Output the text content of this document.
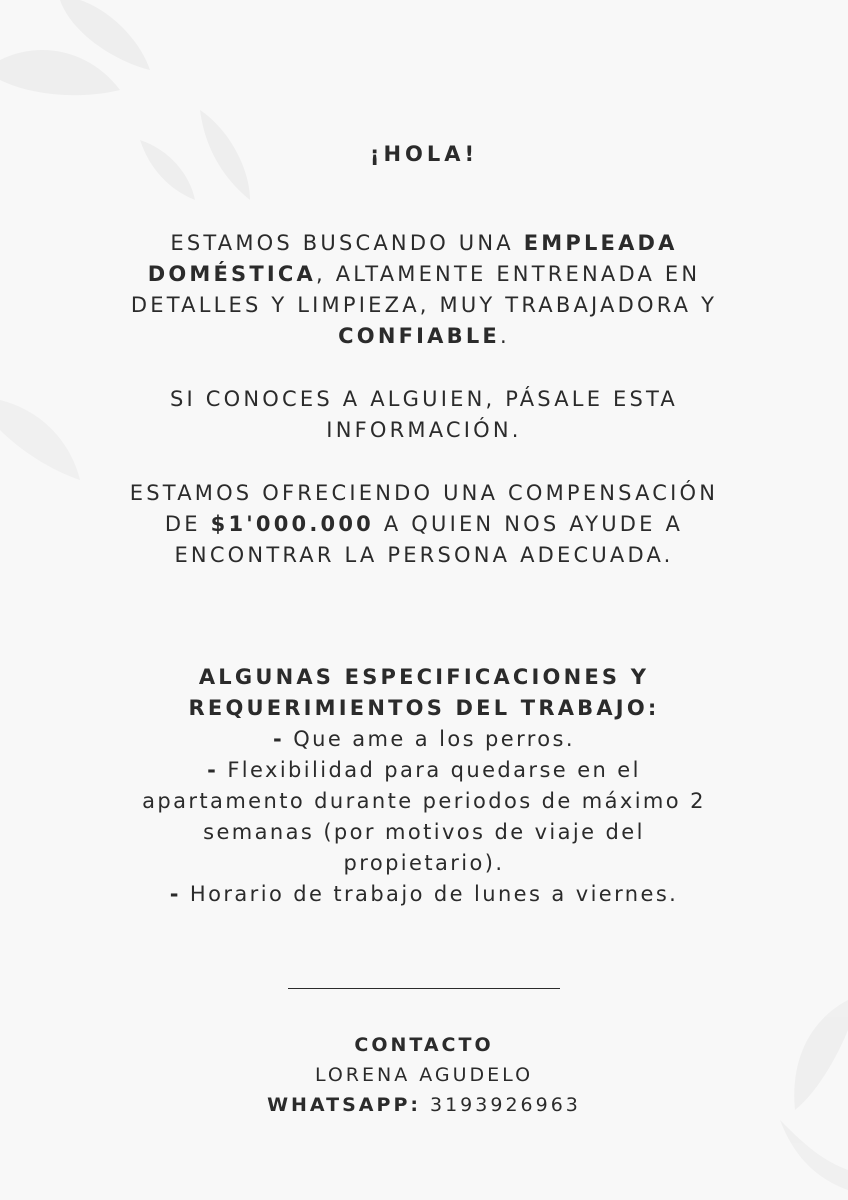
¡HOLA!
ESTAMOS BUSCANDO UNA EMPLEADA
DOMÉSTICA, ALTAMENTE ENTRENADA EN
DETALLES Y LIMPIEZA, MUY TRABAJADORA Y
CONFIABLE.
SI CONOCES A ALGUIEN, PÁSALE ESTA
INFORMACIÓN.
ESTAMOS OFRECIENDO UNA COMPENSACIÓN
DE $1'000.000 A QUIEN NOS AYUDE A
ENCONTRAR LA PERSONA ADECUADA.
ALGUNAS ESPECIFICACIONES Y
REQUERIMIENTOS DEL TRABAJO:
- Que ame a los perros.
- Flexibilidad para quedarse en el
apartamento durante periodos de máximo 2
semanas (por motivos de viaje del
propietario).
- Horario de trabajo de lunes a viernes.
CONTACTO
LORENA AGUDELO
WHATSAPP: 3193926963
